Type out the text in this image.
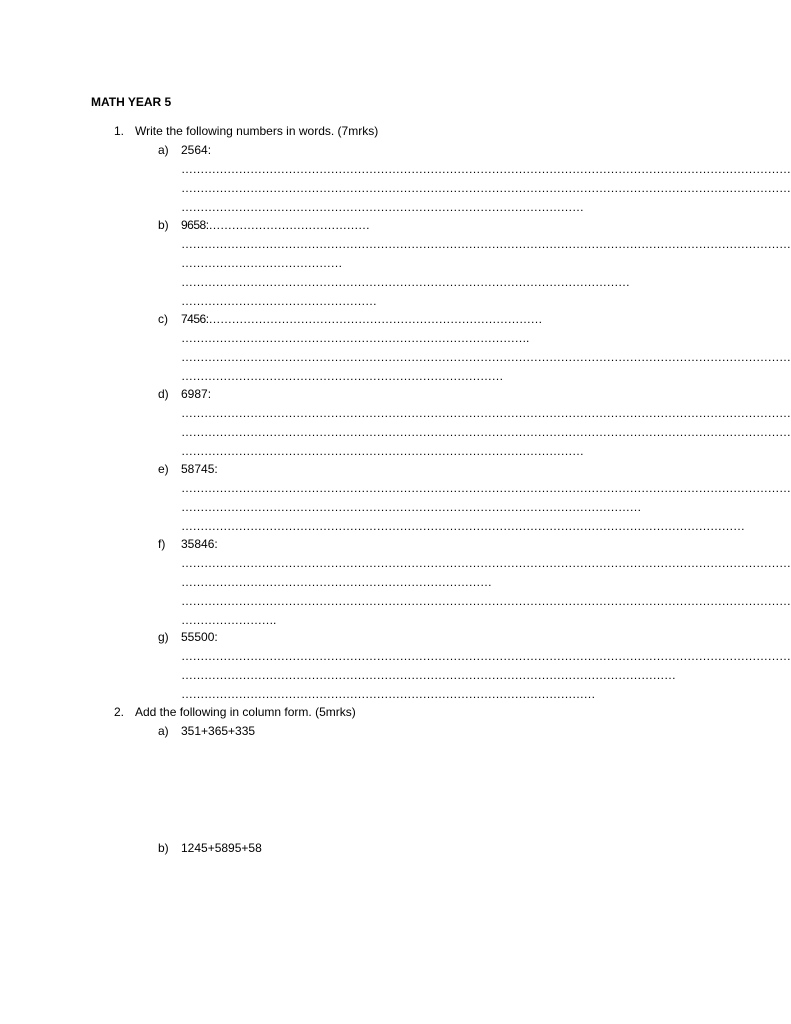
MATH YEAR 5
1. Write the following numbers in words. (7mrks)
a) 2564:
……………………………………………………………………………………………………………………………………………
……………………………………………………………………………………………………………………………………………
……………………………………………………………………………………………
b) 9658:……………………………………
……………………………………………………………………………………………………………………………………………
……………………………………
………………………………………………………………………………………………………
……………………………………………
c) 7456:……………………………………………………………………………
……………………………………………………………………………….
……………………………………………………………………………………………………………………………………………
…………………………………………………………………………
d) 6987:
……………………………………………………………………………………………………………………………………………
……………………………………………………………………………………………………………………………………………
……………………………………………………………………………………………
e) 58745:
……………………………………………………………………………………………………………………………………………
…………………………………………………………………………………………………………
…………………………………………………………………………………………………………………………………
f) 35846:
……………………………………………………………………………………………………………………………………………
………………………………………………………………………
……………………………………………………………………………………………………………………………………………
…………………….
g) 55500:
……………………………………………………………………………………………………………………………………………
…………………………………………………………………………………………………………………
………………………………………………………………………………………………
2. Add the following in column form. (5mrks)
a) 351+365+335
b) 1245+5895+58
